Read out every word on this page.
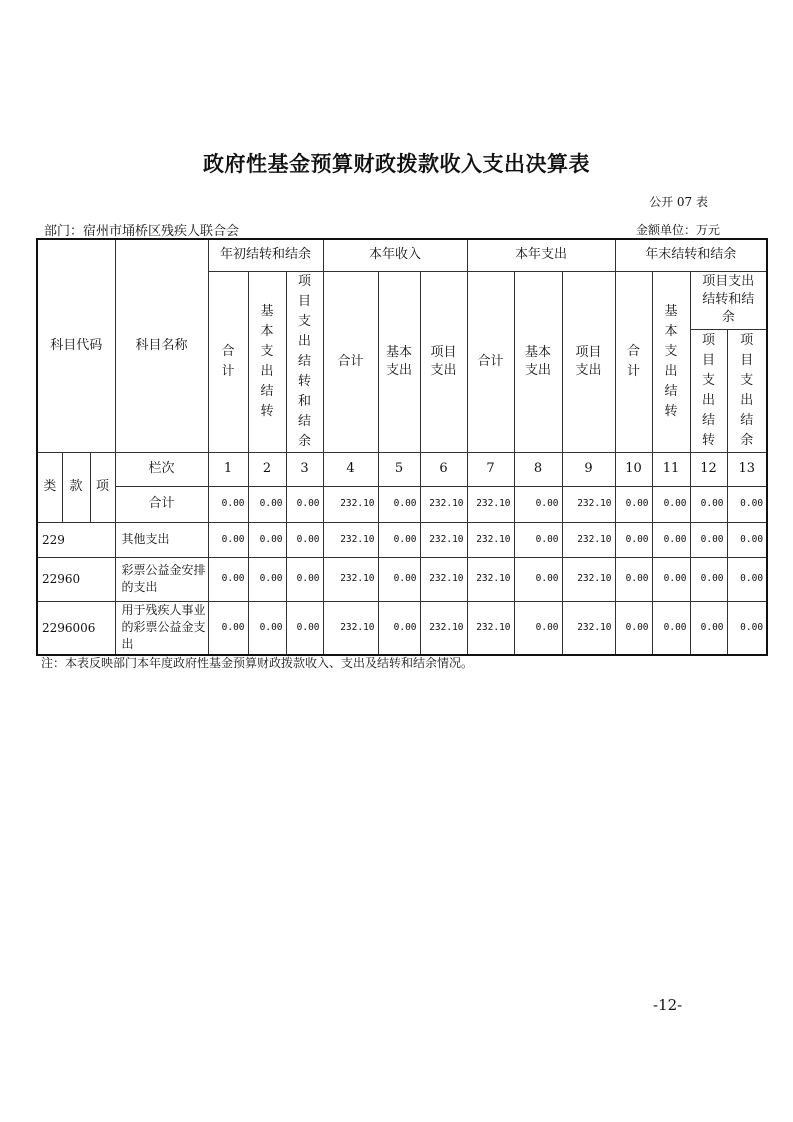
政府性基金预算财政拨款收入支出决算表
公开 07 表
部门：宿州市埇桥区残疾人联合会	金额单位：万元
科目代码			科目名称	年初结转和结余			本年收入			本年支出			年末结转和结余			
				合计	基本支出结转	项目支出结转和结余	合计	基本支出	项目支出	合计	基本支出	项目支出	合计	基本支出结转	项目支出结转和结余	
															项目支出结转	项目支出结余
类	款	项	栏次	1	2	3	4	5	6	7	8	9	10	11	12	13
			合计	0.00	0.00	0.00	232.10	0.00	232.10	232.10	0.00	232.10	0.00	0.00	0.00	0.00
229			其他支出	0.00	0.00	0.00	232.10	0.00	232.10	232.10	0.00	232.10	0.00	0.00	0.00	0.00
22960			彩票公益金安排的支出	0.00	0.00	0.00	232.10	0.00	232.10	232.10	0.00	232.10	0.00	0.00	0.00	0.00
2296006			用于残疾人事业的彩票公益金支出	0.00	0.00	0.00	232.10	0.00	232.10	232.10	0.00	232.10	0.00	0.00	0.00	0.00
注：本表反映部门本年度政府性基金预算财政拨款收入、支出及结转和结余情况。
-12-
